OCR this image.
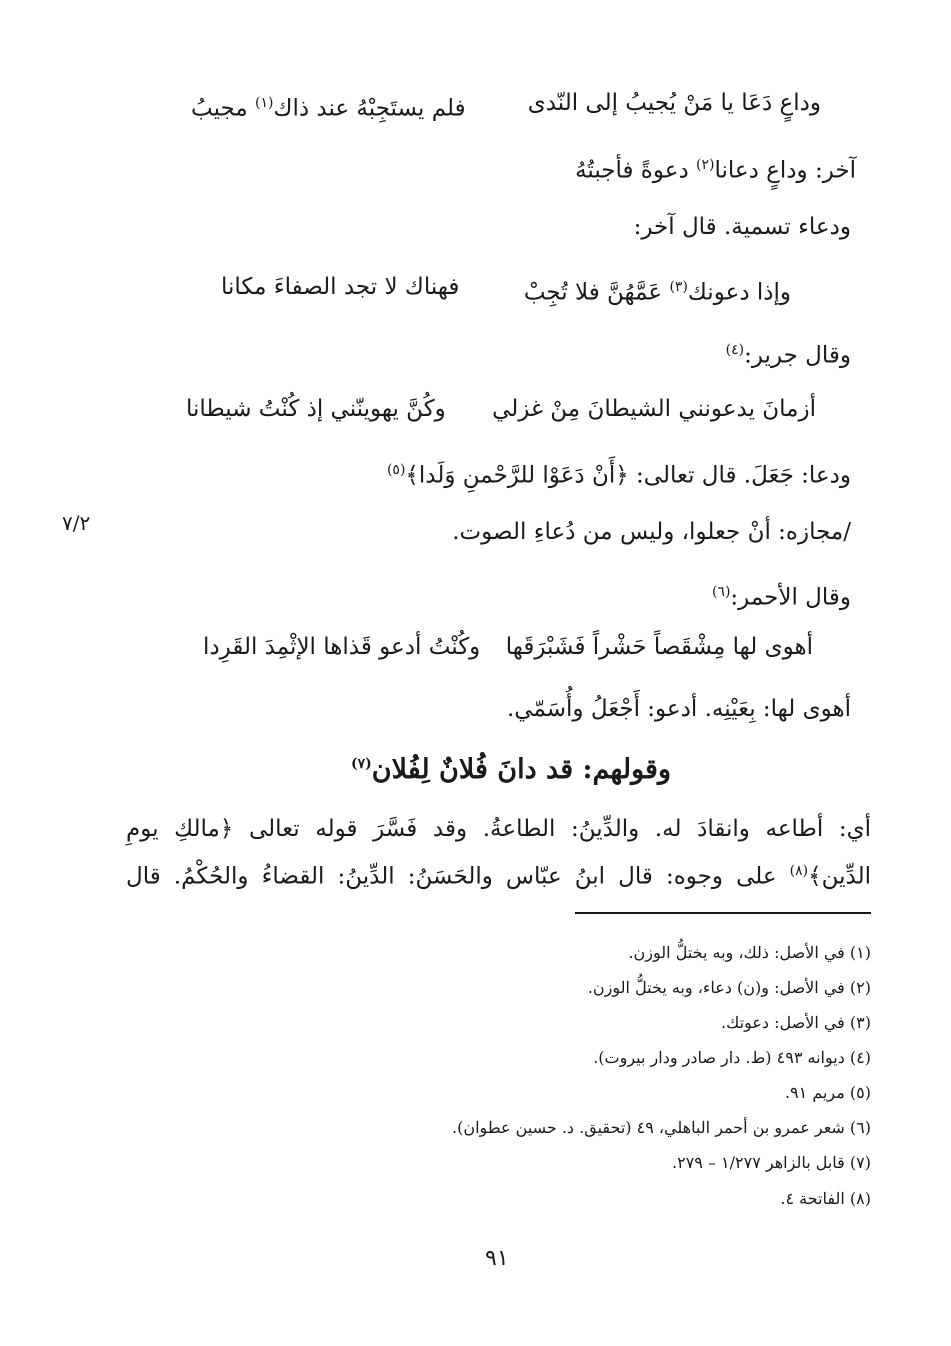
وداعٍ دَعَا يا مَنْ يُجيبُ إلى النّدى
فلم يستَجِبْهُ عند ذاك$^{(١)}$ مجيبُ
آخر: وداعٍ دعانا$^{(٢)}$ دعوةً فأجبتُهُ
ودعاء تسمية. قال آخر:
وإذا دعونك$^{(٣)}$ عَمَّهُنَّ فلا تُجِبْ
فهناك لا تجد الصفاءَ مكانا
وقال جرير:$^{(٤)}$
أزمانَ يدعونني الشيطانَ مِنْ غزلي
وكُنَّ يهوينّني إذ كُنْتُ شيطانا
ودعا: جَعَلَ. قال تعالى: ﴿أَنْ دَعَوْا للرَّحْمنِ وَلَدا﴾$^{(٥)}$
٧/٢	/مجازه: أنْ جعلوا، وليس من دُعاءِ الصوت.
وقال الأحمر:$^{(٦)}$
أهوى لها مِشْقَصاً حَشْراً فَشَبْرَقَها
وكُنْتُ أدعو قَذاها الإثْمِدَ القَرِدا
أهوى لها: بِعَيْنِه. أدعو: أَجْعَلُ وأُسَمّي.
وقولهم: قد دانَ فُلانٌ لِفُلان$^{(٧)}$
أي: أطاعه وانقادَ له. والدِّينُ: الطاعةُ. وقد فَسَّرَ قوله تعالى ﴿مالكِ يومِ
الدِّين﴾$^{(٨)}$ على وجوه: قال ابنُ عبّاس والحَسَنُ: الدِّينُ: القضاءُ والحُكْمُ. قال
(١) في الأصل: ذلك، وبه يختلُّ الوزن.
(٢) في الأصل: و(ن) دعاء، وبه يختلُّ الوزن.
(٣) في الأصل: دعوتك.
(٤) ديوانه ٤٩٣ (ط. دار صادر ودار بيروت).
(٥) مريم ٩١.
(٦) شعر عمرو بن أحمر الباهلي، ٤٩ (تحقيق. د. حسين عطوان).
(٧) قابل بالزاهر ١/٢٧٧ – ٢٧٩.
(٨) الفاتحة ٤.
٩١
